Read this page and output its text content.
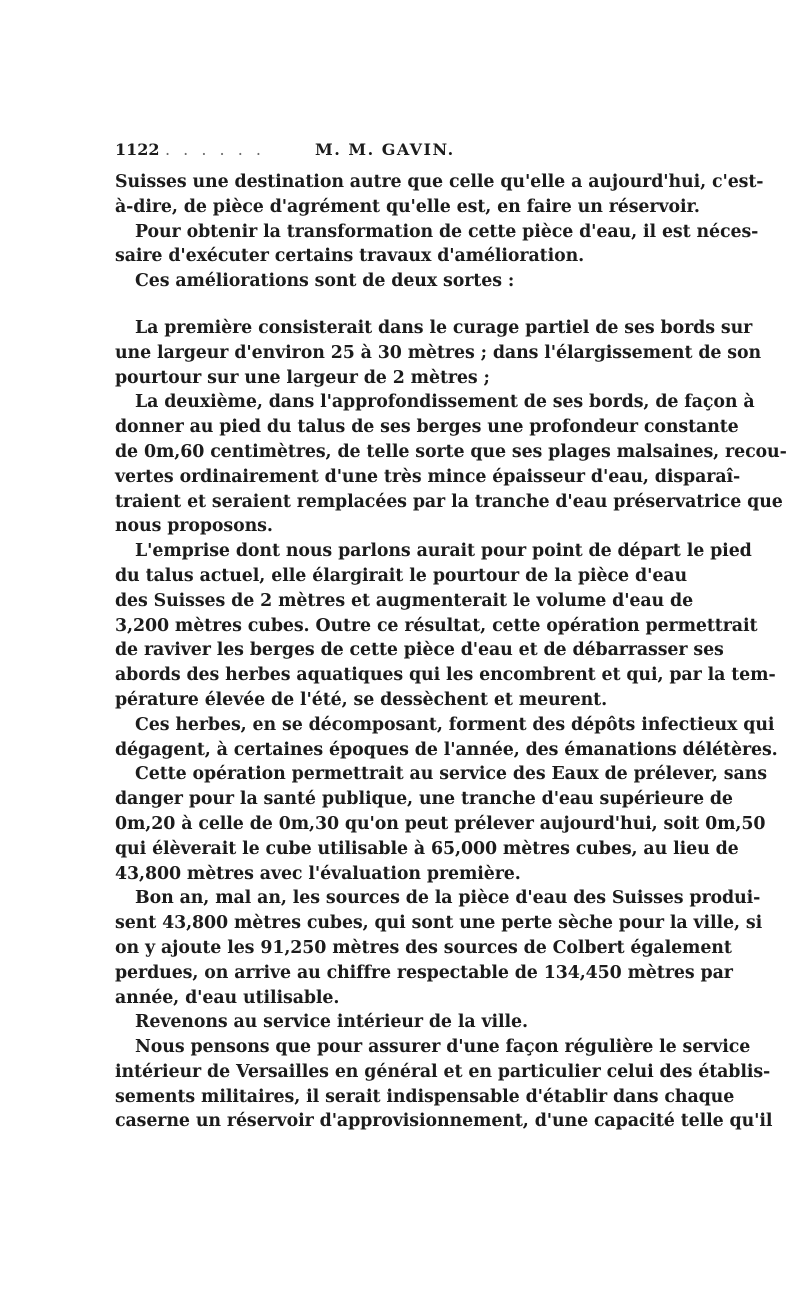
1122 . . . . . .	M. M. GAVIN.
Suisses une destination autre que celle qu'elle a aujourd'hui, c'est-
à-dire, de pièce d'agrément qu'elle est, en faire un réservoir.
Pour obtenir la transformation de cette pièce d'eau, il est néces-
saire d'exécuter certains travaux d'amélioration.
Ces améliorations sont de deux sortes :
La première consisterait dans le curage partiel de ses bords sur
une largeur d'environ 25 à 30 mètres ; dans l'élargissement de son
pourtour sur une largeur de 2 mètres ;
La deuxième, dans l'approfondissement de ses bords, de façon à
donner au pied du talus de ses berges une profondeur constante
de 0m,60 centimètres, de telle sorte que ses plages malsaines, recou-
vertes ordinairement d'une très mince épaisseur d'eau, disparaî-
traient et seraient remplacées par la tranche d'eau préservatrice que
nous proposons.
L'emprise dont nous parlons aurait pour point de départ le pied
du talus actuel, elle élargirait le pourtour de la pièce d'eau
des Suisses de 2 mètres et augmenterait le volume d'eau de
3,200 mètres cubes. Outre ce résultat, cette opération permettrait
de raviver les berges de cette pièce d'eau et de débarrasser ses
abords des herbes aquatiques qui les encombrent et qui, par la tem-
pérature élevée de l'été, se dessèchent et meurent.
Ces herbes, en se décomposant, forment des dépôts infectieux qui
dégagent, à certaines époques de l'année, des émanations délétères.
Cette opération permettrait au service des Eaux de prélever, sans
danger pour la santé publique, une tranche d'eau supérieure de
0m,20 à celle de 0m,30 qu'on peut prélever aujourd'hui, soit 0m,50
qui élèverait le cube utilisable à 65,000 mètres cubes, au lieu de
43,800 mètres avec l'évaluation première.
Bon an, mal an, les sources de la pièce d'eau des Suisses produi-
sent 43,800 mètres cubes, qui sont une perte sèche pour la ville, si
on y ajoute les 91,250 mètres des sources de Colbert également
perdues, on arrive au chiffre respectable de 134,450 mètres par
année, d'eau utilisable.
Revenons au service intérieur de la ville.
Nous pensons que pour assurer d'une façon régulière le service
intérieur de Versailles en général et en particulier celui des établis-
sements militaires, il serait indispensable d'établir dans chaque
caserne un réservoir d'approvisionnement, d'une capacité telle qu'il
